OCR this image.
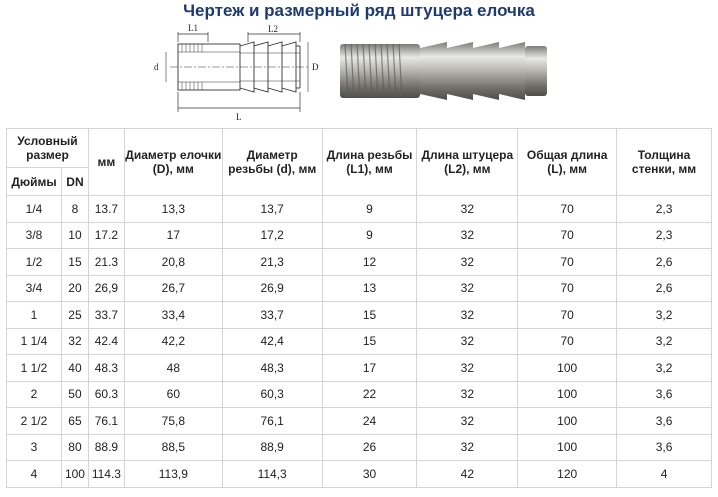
Чертеж и размерный ряд штуцера елочка
L1	L2
d	D
L
Условный размер		мм	Диаметр елочки (D), мм	Диаметр резьбы (d), мм	Длина резьбы (L1), мм	Длина штуцера (L2), мм	Общая длина (L), мм	Толщина стенки, мм
Дюймы	DN							
1/4	8	13.7	13,3	13,7	9	32	70	2,3
3/8	10	17.2	17	17,2	9	32	70	2,3
1/2	15	21.3	20,8	21,3	12	32	70	2,6
3/4	20	26,9	26,7	26,9	13	32	70	2,6
1	25	33.7	33,4	33,7	15	32	70	3,2
1 1/4	32	42.4	42,2	42,4	15	32	70	3,2
1 1/2	40	48.3	48	48,3	17	32	100	3,2
2	50	60.3	60	60,3	22	32	100	3,6
2 1/2	65	76.1	75,8	76,1	24	32	100	3,6
3	80	88.9	88,5	88,9	26	32	100	3,6
4	100	114.3	113,9	114,3	30	42	120	4
